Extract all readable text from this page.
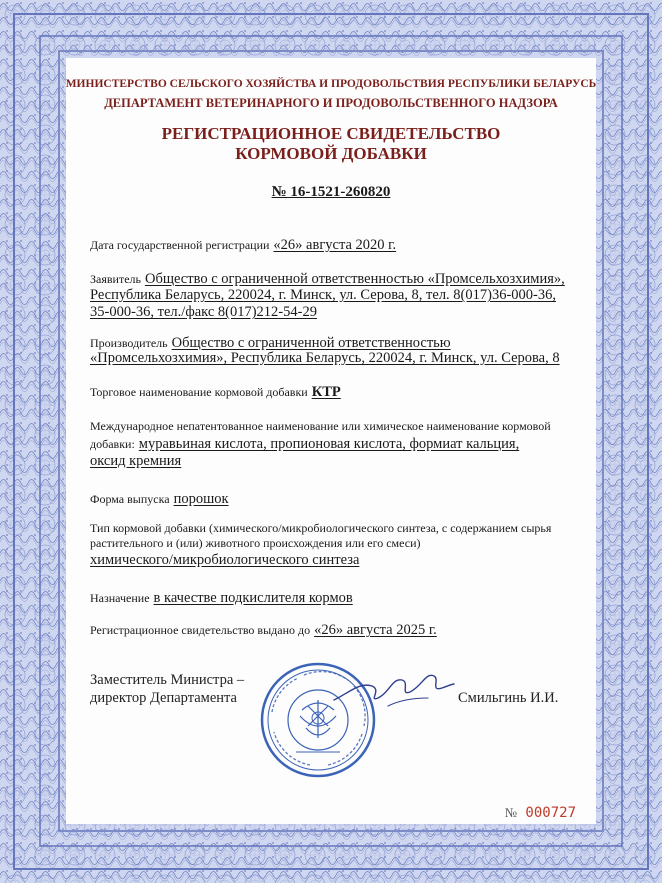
МИНИСТЕРСТВО СЕЛЬСКОГО ХОЗЯЙСТВА И ПРОДОВОЛЬСТВИЯ РЕСПУБЛИКИ БЕЛАРУСЬ
ДЕПАРТАМЕНТ ВЕТЕРИНАРНОГО И ПРОДОВОЛЬСТВЕННОГО НАДЗОРА
РЕГИСТРАЦИОННОЕ СВИДЕТЕЛЬСТВО
КОРМОВОЙ ДОБАВКИ
№ 16-1521-260820
Дата государственной регистрации «26» августа 2020 г.
Заявитель Общество с ограниченной ответственностью «Промсельхозхимия»,
Республика Беларусь, 220024, г. Минск, ул. Серова, 8, тел. 8(017)36-000-36,
35-000-36, тел./факс 8(017)212-54-29
Производитель Общество с ограниченной ответственностью
«Промсельхозхимия», Республика Беларусь, 220024, г. Минск, ул. Серова, 8
Торговое наименование кормовой добавки КТР
Международное непатентованное наименование или химическое наименование кормовой
добавки: муравьиная кислота, пропионовая кислота, формиат кальция,
оксид кремния
Форма выпуска порошок
Тип кормовой добавки (химического/микробиологического синтеза, с содержанием сырья
растительного и (или) животного происхождения или его смеси)
химического/микробиологического синтеза
Назначение в качестве подкислителя кормов
Регистрационное свидетельство выдано до «26» августа 2025 г.
Заместитель Министра –
директор Департамента	Смильгинь И.И.
№ 000727
